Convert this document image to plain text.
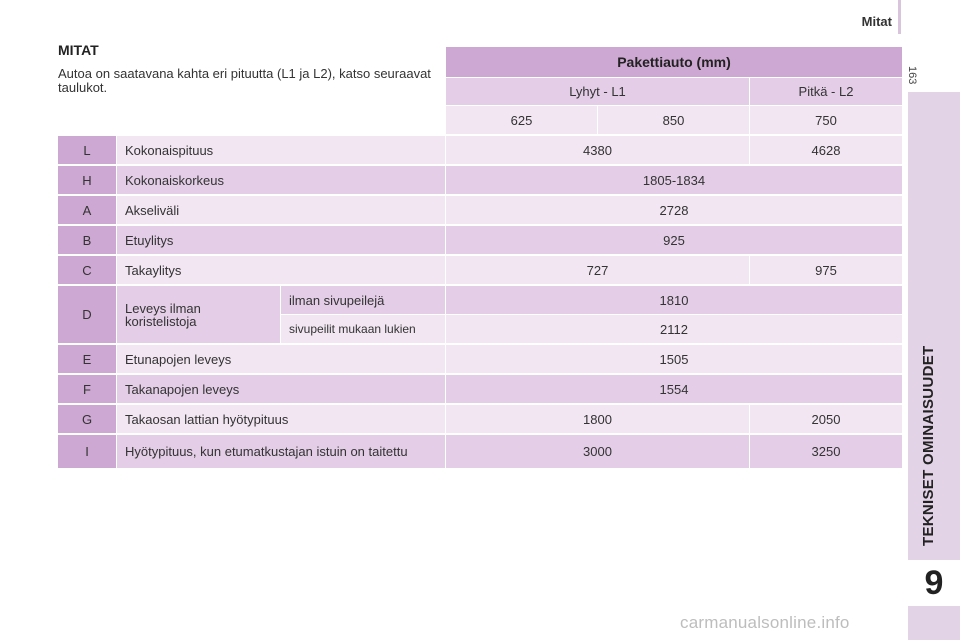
Mitat
163
TEKNISET OMINAISUUDET
9
MITAT
Autoa on saatavana kahta eri pituutta (L1 ja L2), katso seuraavat taulukot.
Pakettiauto (mm)
Lyhyt - L1	Pitkä - L2
625	850	750
L	Kokonaispituus	4380	4628
H	Kokonaiskorkeus	1805-1834
A	Akseliväli	2728
B	Etuylitys	925
C	Takaylitys	727	975
D	Leveys ilman koristelistoja
ilman sivupeilejä	1810
sivupeilit mukaan lukien	2112
E	Etunapojen leveys	1505
F	Takanapojen leveys	1554
G	Takaosan lattian hyötypituus	1800	2050
I	Hyötypituus, kun etumatkustajan istuin on taitettu	3000	3250
carmanualsonline.info
